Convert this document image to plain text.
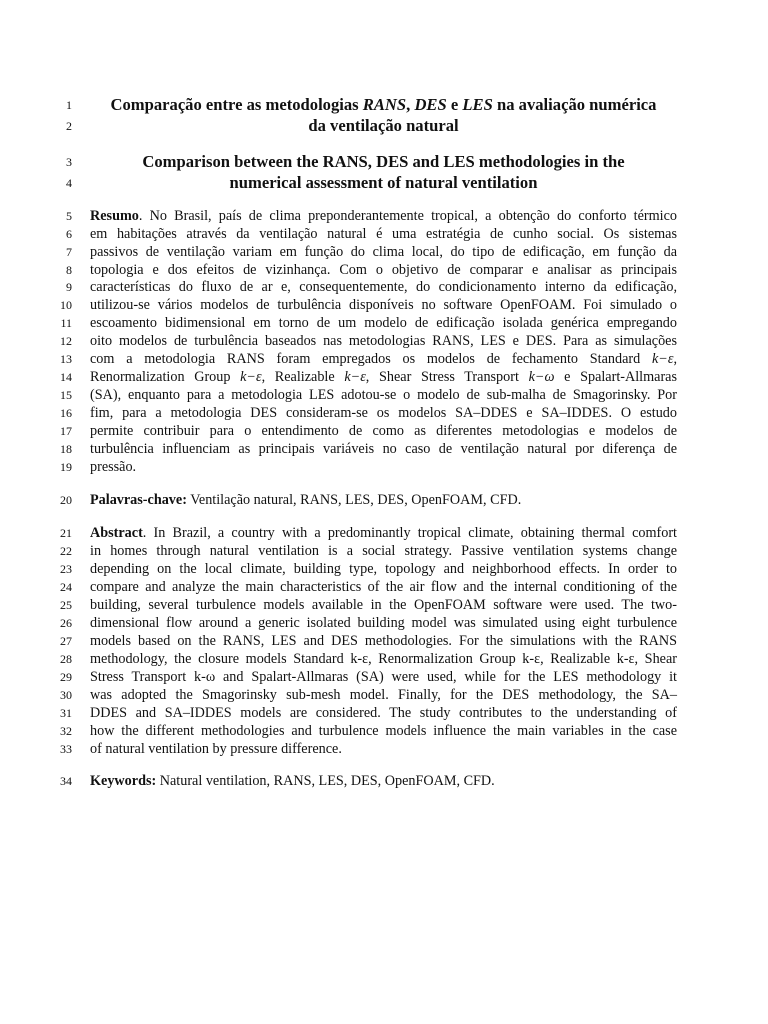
1
2
3
4
5
6
7
8
9
10
11
12
13
14
15
16
17
18
19
20
21
22
23
24
25
26
27
28
29
30
31
32
33
34
Comparação entre as metodologias RANS, DES e LES na avaliação numérica
da ventilação natural
Comparison between the RANS, DES and LES methodologies in the
numerical assessment of natural ventilation
Resumo. No Brasil, país de clima preponderantemente tropical, a obtenção do conforto térmico
em habitações através da ventilação natural é uma estratégia de cunho social. Os sistemas
passivos de ventilação variam em função do clima local, do tipo de edificação, em função da
topologia e dos efeitos de vizinhança. Com o objetivo de comparar e analisar as principais
características do fluxo de ar e, consequentemente, do condicionamento interno da edificação,
utilizou-se vários modelos de turbulência disponíveis no software OpenFOAM. Foi simulado o
escoamento bidimensional em torno de um modelo de edificação isolada genérica empregando
oito modelos de turbulência baseados nas metodologias RANS, LES e DES. Para as simulações
com a metodologia RANS foram empregados os modelos de fechamento Standard k−ε,
Renormalization Group k−ε, Realizable k−ε, Shear Stress Transport k−ω e Spalart-Allmaras
(SA), enquanto para a metodologia LES adotou-se o modelo de sub-malha de Smagorinsky. Por
fim, para a metodologia DES consideram-se os modelos SA–DDES e SA–IDDES. O estudo
permite contribuir para o entendimento de como as diferentes metodologias e modelos de
turbulência influenciam as principais variáveis no caso de ventilação natural por diferença de
pressão.
Palavras-chave: Ventilação natural, RANS, LES, DES, OpenFOAM, CFD.
Abstract. In Brazil, a country with a predominantly tropical climate, obtaining thermal comfort
in homes through natural ventilation is a social strategy. Passive ventilation systems change
depending on the local climate, building type, topology and neighborhood effects. In order to
compare and analyze the main characteristics of the air flow and the internal conditioning of the
building, several turbulence models available in the OpenFOAM software were used. The two-
dimensional flow around a generic isolated building model was simulated using eight turbulence
models based on the RANS, LES and DES methodologies. For the simulations with the RANS
methodology, the closure models Standard k-ε, Renormalization Group k-ε, Realizable k-ε, Shear
Stress Transport k-ω and Spalart-Allmaras (SA) were used, while for the LES methodology it
was adopted the Smagorinsky sub-mesh model. Finally, for the DES methodology, the SA–
DDES and SA–IDDES models are considered. The study contributes to the understanding of
how the different methodologies and turbulence models influence the main variables in the case
of natural ventilation by pressure difference.
Keywords: Natural ventilation, RANS, LES, DES, OpenFOAM, CFD.
